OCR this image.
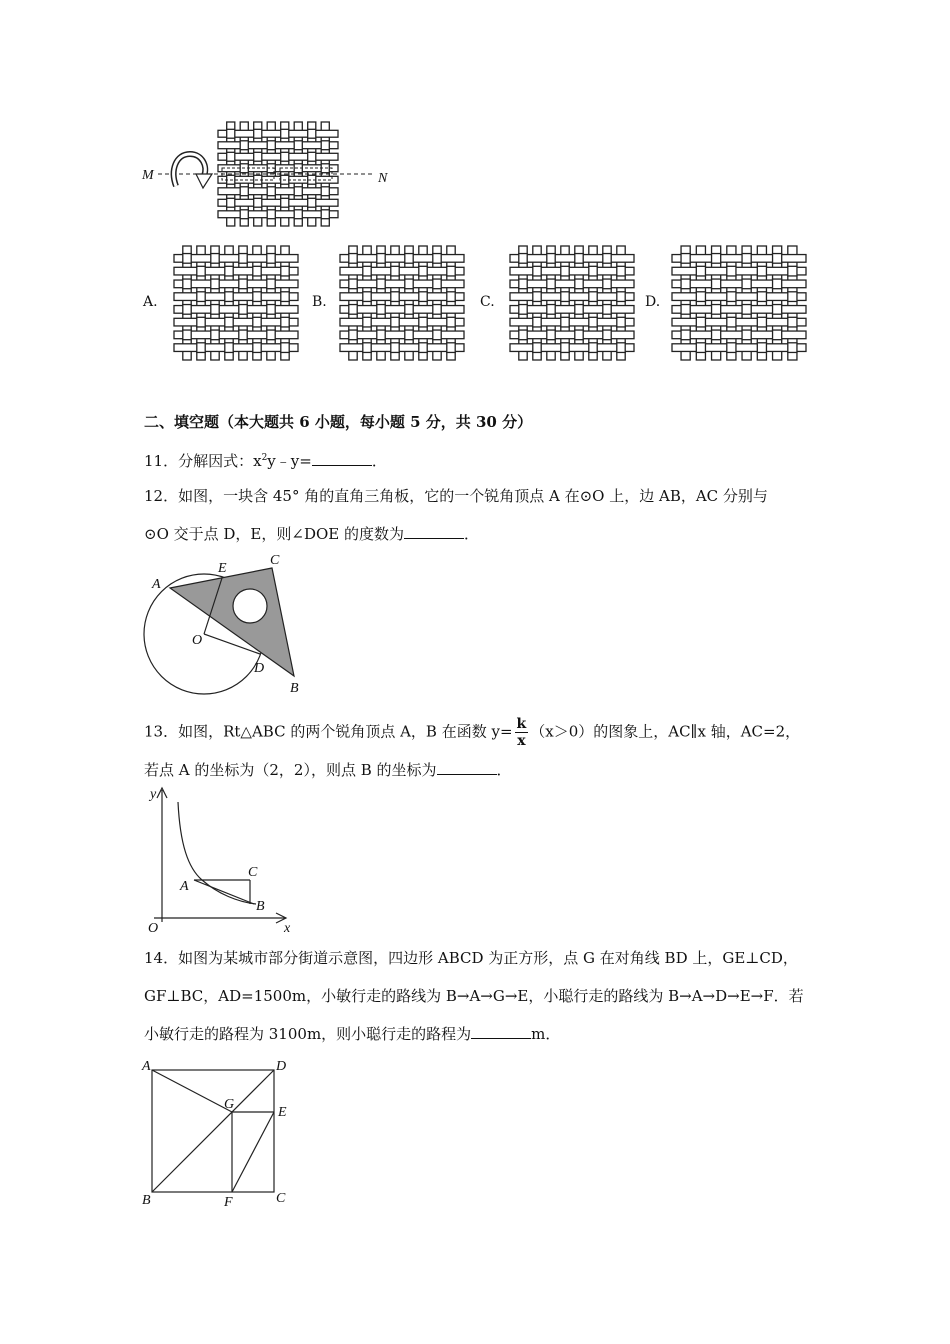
M	N
A.	B.	C.	D.
二、填空题（本大题共 6 小题，每小题 5 分，共 30 分）
11．分解因式：$x^2y﹣y=$	．
12．如图，一块含 45° 角的直角三角板，它的一个锐角顶点 A 在⊙O 上，边 AB，AC 分别与
⊙O 交于点 D，E，则∠DOE 的度数为	．
A
E
C
O
D
B
13．如图，Rt△ABC 的两个锐角顶点 A，B 在函数 $y= \frac{k}{x} (x>0)$的图象上，AC∥x 轴，AC=2，
若点 A 的坐标为（2，2），则点 B 的坐标为	．
y
x
O
A
B
C
14．如图为某城市部分街道示意图，四边形 ABCD 为正方形，点 G 在对角线 BD 上，GE⊥CD，
GF⊥BC，AD=1500m，小敏行走的路线为 B→A→G→E，小聪行走的路线为 B→A→D→E→F．若
小敏行走的路程为 3100m，则小聪行走的路程为	m．
A	D
G
E
B	F	C
